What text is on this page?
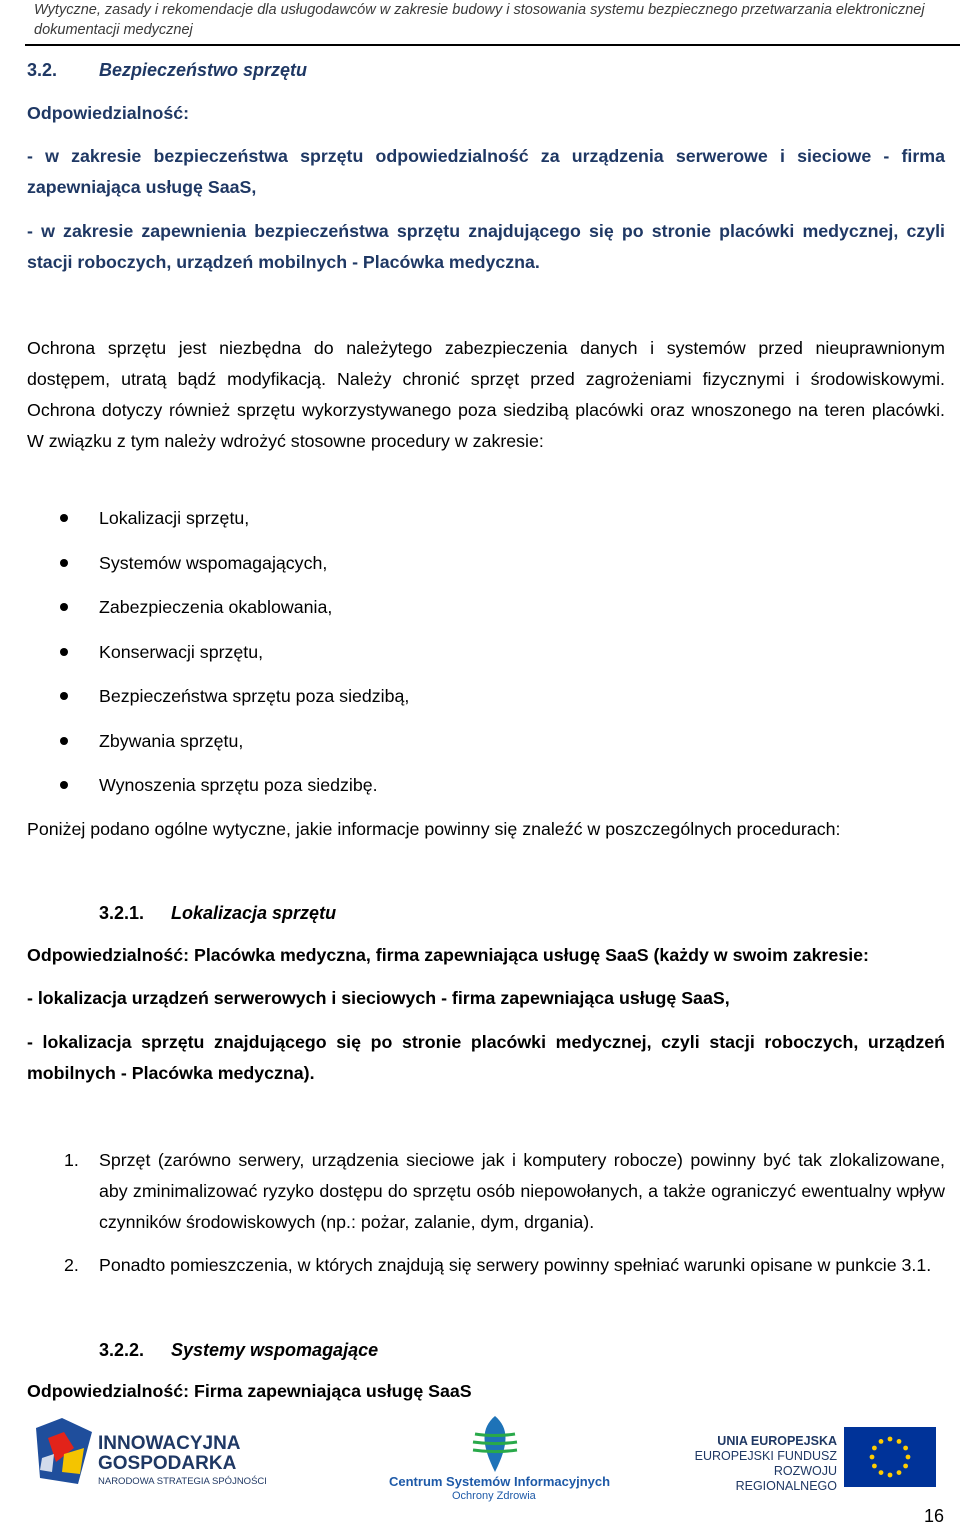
Wytyczne, zasady i rekomendacje dla usługodawców w zakresie budowy i stosowania systemu bezpiecznego przetwarzania elektronicznej dokumentacji medycznej
3.2. Bezpieczeństwo sprzętu
Odpowiedzialność:
- w zakresie bezpieczeństwa sprzętu odpowiedzialność za urządzenia serwerowe i sieciowe - firma zapewniająca usługę SaaS,
- w zakresie zapewnienia bezpieczeństwa sprzętu znajdującego się po stronie placówki medycznej, czyli stacji roboczych, urządzeń mobilnych - Placówka medyczna.
Ochrona sprzętu jest niezbędna do należytego zabezpieczenia danych i systemów przed nieuprawnionym dostępem, utratą bądź modyfikacją. Należy chronić sprzęt przed zagrożeniami fizycznymi i środowiskowymi. Ochrona dotyczy również sprzętu wykorzystywanego poza siedzibą placówki oraz wnoszonego na teren placówki. W związku z tym należy wdrożyć stosowne procedury w zakresie:
Lokalizacji sprzętu,
Systemów wspomagających,
Zabezpieczenia okablowania,
Konserwacji sprzętu,
Bezpieczeństwa sprzętu poza siedzibą,
Zbywania sprzętu,
Wynoszenia sprzętu poza siedzibę.
Poniżej podano ogólne wytyczne, jakie informacje powinny się znaleźć w poszczególnych procedurach:
3.2.1. Lokalizacja sprzętu
Odpowiedzialność: Placówka medyczna, firma zapewniająca usługę SaaS (każdy w swoim zakresie:
- lokalizacja urządzeń serwerowych i sieciowych - firma zapewniająca usługę SaaS,
- lokalizacja sprzętu znajdującego się po stronie placówki medycznej, czyli stacji roboczych, urządzeń mobilnych - Placówka medyczna).
1. Sprzęt (zarówno serwery, urządzenia sieciowe jak i komputery robocze) powinny być tak zlokalizowane, aby zminimalizować ryzyko dostępu do sprzętu osób niepowołanych, a także ograniczyć ewentualny wpływ czynników środowiskowych (np.: pożar, zalanie, dym, drgania).
2. Ponadto pomieszczenia, w których znajdują się serwery powinny spełniać warunki opisane w punkcie 3.1.
3.2.2. Systemy wspomagające
Odpowiedzialność: Firma zapewniająca usługę SaaS
INNOWACYJNA
GOSPODARKA
NARODOWA STRATEGIA SPÓJNOŚCI	Centrum Systemów Informacyjnych
Ochrony Zdrowia
UNIA EUROPEJSKA
EUROPEJSKI FUNDUSZ
ROZWOJU REGIONALNEGO
16
